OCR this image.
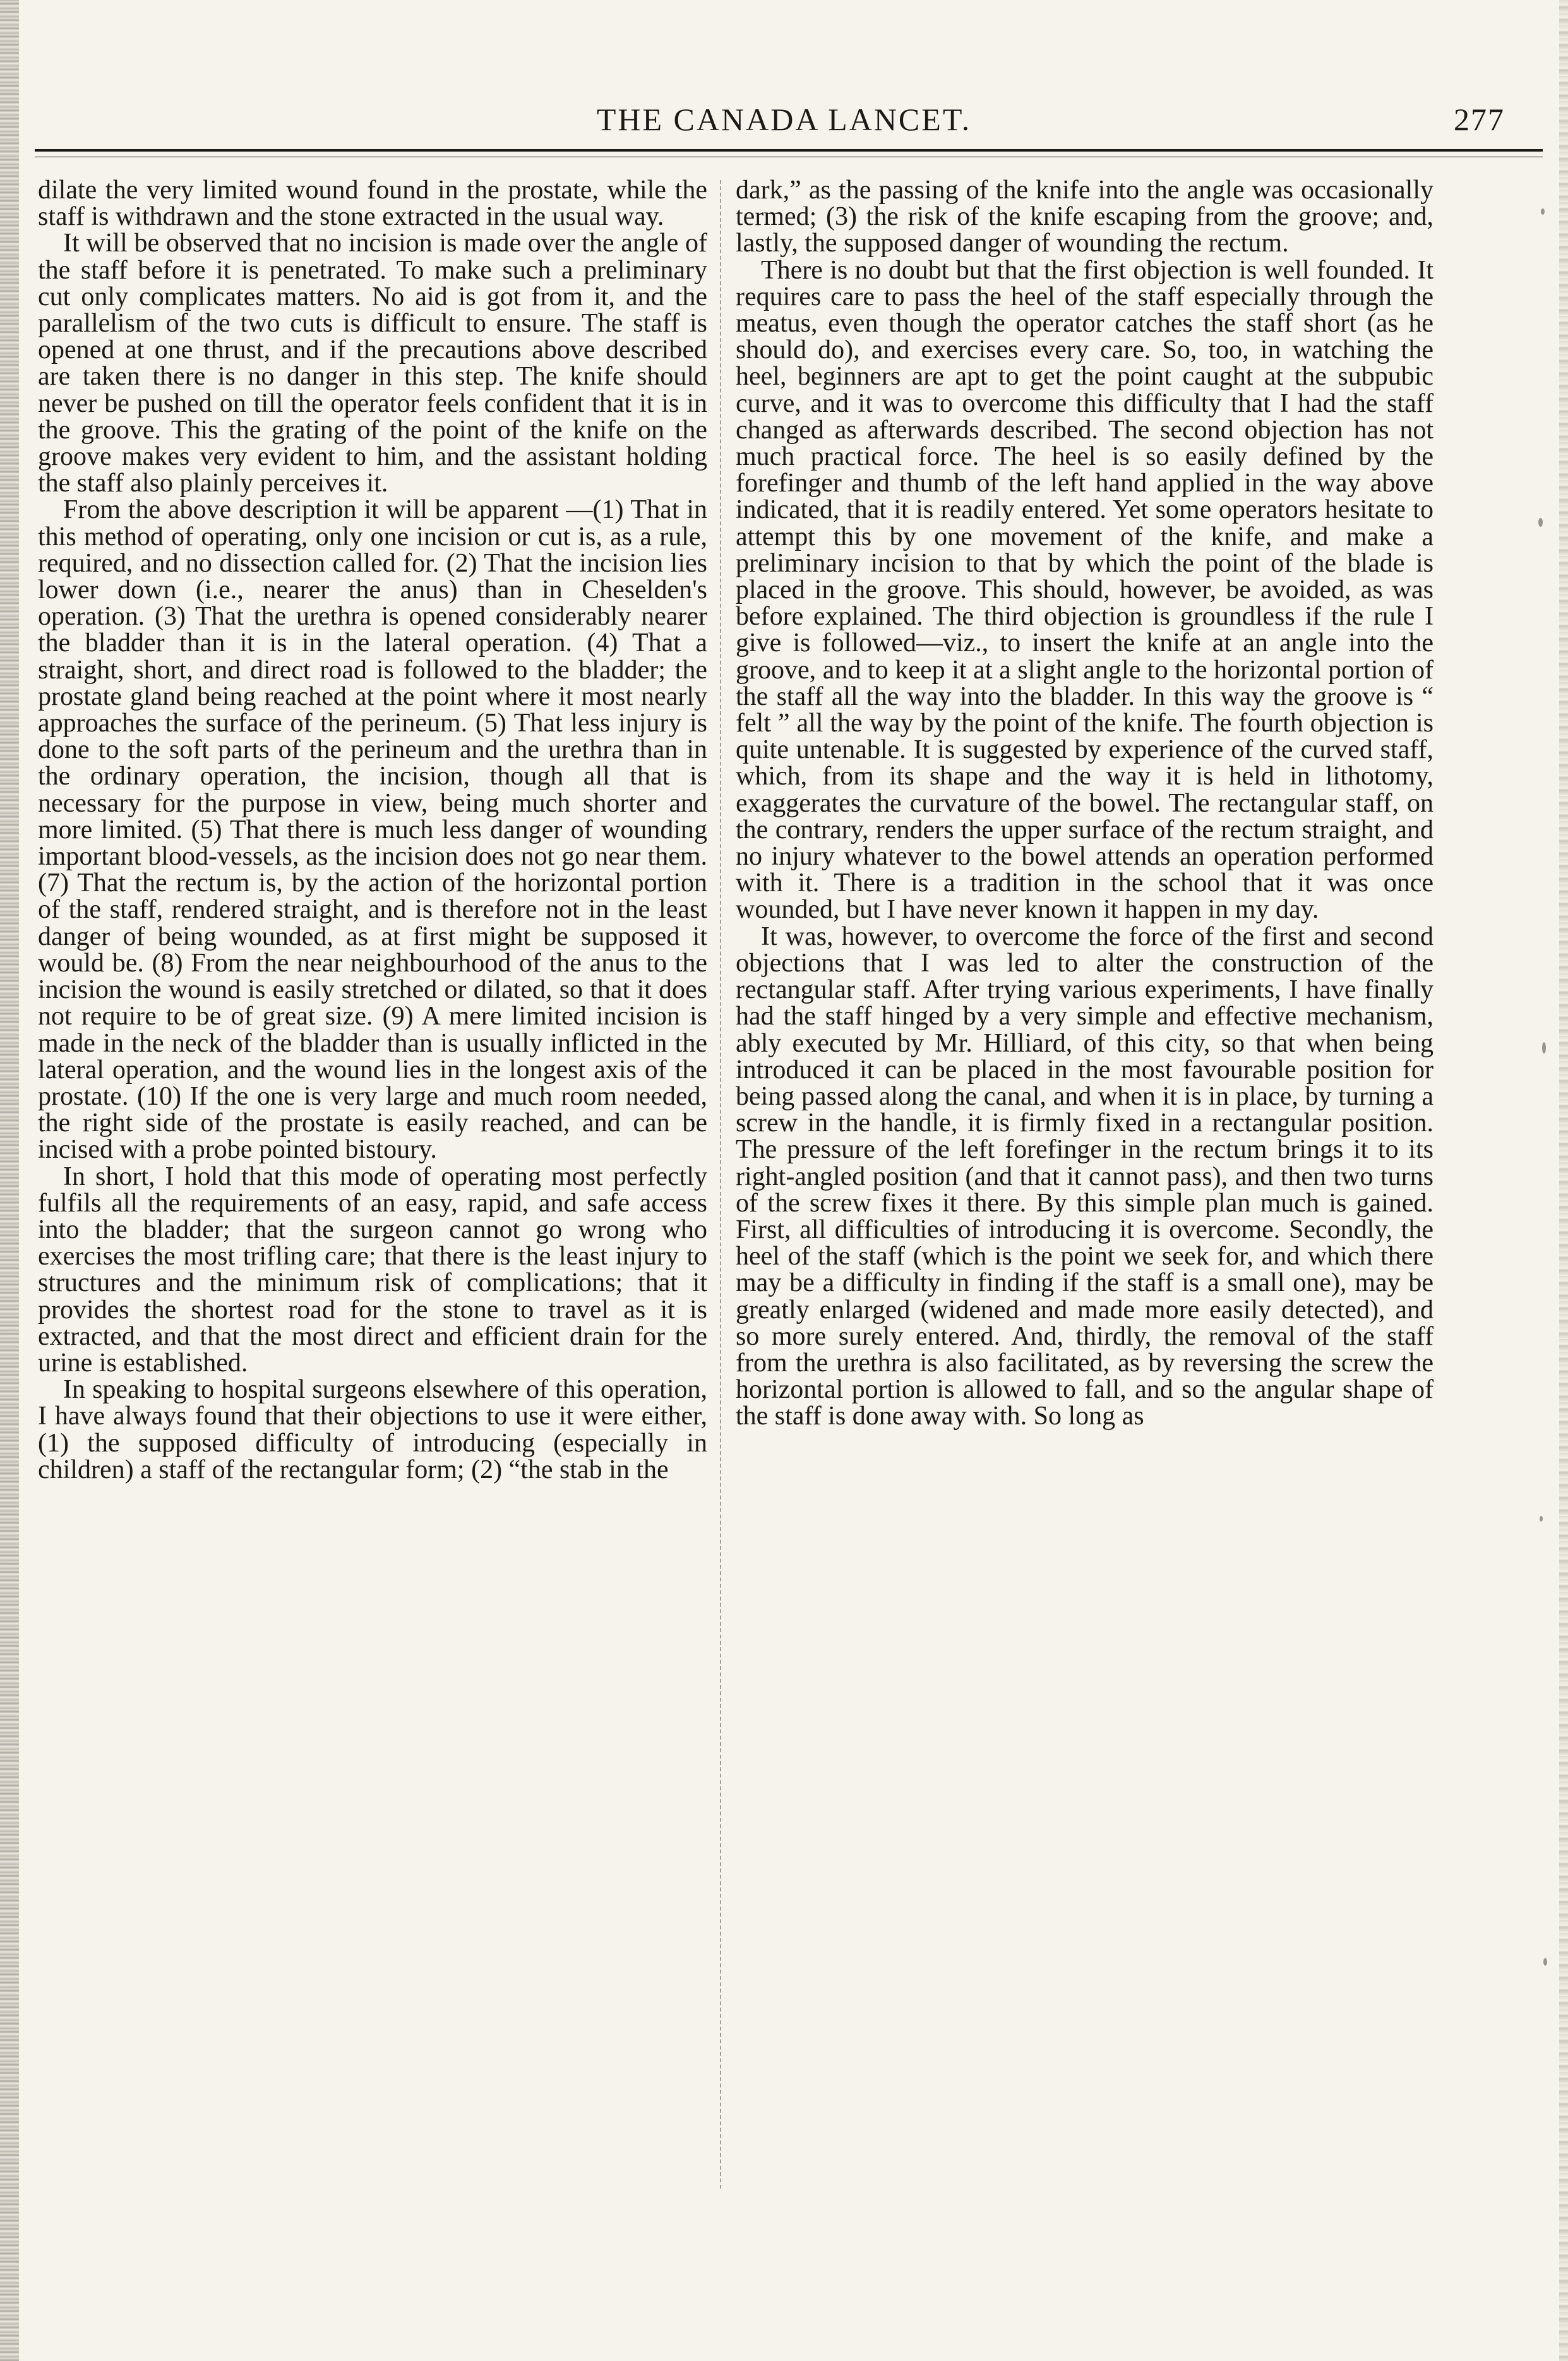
THE CANADA LANCET.	277

dilate the very limited wound found in the prostate, while the staff is withdrawn and the stone extracted in the usual way.

It will be observed that no incision is made over the angle of the staff before it is penetrated. To make such a preliminary cut only complicates matters. No aid is got from it, and the parallelism of the two cuts is difficult to ensure. The staff is opened at one thrust, and if the precautions above described are taken there is no danger in this step. The knife should never be pushed on till the operator feels confident that it is in the groove. This the grating of the point of the knife on the groove makes very evident to him, and the assistant holding the staff also plainly perceives it.

From the above description it will be apparent —(1) That in this method of operating, only one incision or cut is, as a rule, required, and no dissection called for. (2) That the incision lies lower down (i.e., nearer the anus) than in Cheselden's operation. (3) That the urethra is opened considerably nearer the bladder than it is in the lateral operation. (4) That a straight, short, and direct road is followed to the bladder; the prostate gland being reached at the point where it most nearly approaches the surface of the perineum. (5) That less injury is done to the soft parts of the perineum and the urethra than in the ordinary operation, the incision, though all that is necessary for the purpose in view, being much shorter and more limited. (5) That there is much less danger of wounding important blood-vessels, as the incision does not go near them. (7) That the rectum is, by the action of the horizontal portion of the staff, rendered straight, and is therefore not in the least danger of being wounded, as at first might be supposed it would be. (8) From the near neighbourhood of the anus to the incision the wound is easily stretched or dilated, so that it does not require to be of great size. (9) A mere limited incision is made in the neck of the bladder than is usually inflicted in the lateral operation, and the wound lies in the longest axis of the prostate. (10) If the one is very large and much room needed, the right side of the prostate is easily reached, and can be incised with a probe pointed bistoury.

In short, I hold that this mode of operating most perfectly fulfils all the requirements of an easy, rapid, and safe access into the bladder; that the surgeon cannot go wrong who exercises the most trifling care; that there is the least injury to structures and the minimum risk of complications; that it provides the shortest road for the stone to travel as it is extracted, and that the most direct and efficient drain for the urine is established.

In speaking to hospital surgeons elsewhere of this operation, I have always found that their objections to use it were either, (1) the supposed difficulty of introducing (especially in children) a staff of the rectangular form; (2) “the stab in the

dark,” as the passing of the knife into the angle was occasionally termed; (3) the risk of the knife escaping from the groove; and, lastly, the supposed danger of wounding the rectum.

There is no doubt but that the first objection is well founded. It requires care to pass the heel of the staff especially through the meatus, even though the operator catches the staff short (as he should do), and exercises every care. So, too, in watching the heel, beginners are apt to get the point caught at the subpubic curve, and it was to overcome this difficulty that I had the staff changed as afterwards described. The second objection has not much practical force. The heel is so easily defined by the forefinger and thumb of the left hand applied in the way above indicated, that it is readily entered. Yet some operators hesitate to attempt this by one movement of the knife, and make a preliminary incision to that by which the point of the blade is placed in the groove. This should, however, be avoided, as was before explained. The third objection is groundless if the rule I give is followed—viz., to insert the knife at an angle into the groove, and to keep it at a slight angle to the horizontal portion of the staff all the way into the bladder. In this way the groove is “ felt ” all the way by the point of the knife. The fourth objection is quite untenable. It is suggested by experience of the curved staff, which, from its shape and the way it is held in lithotomy, exaggerates the curvature of the bowel. The rectangular staff, on the contrary, renders the upper surface of the rectum straight, and no injury whatever to the bowel attends an operation performed with it. There is a tradition in the school that it was once wounded, but I have never known it happen in my day.

It was, however, to overcome the force of the first and second objections that I was led to alter the construction of the rectangular staff. After trying various experiments, I have finally had the staff hinged by a very simple and effective mechanism, ably executed by Mr. Hilliard, of this city, so that when being introduced it can be placed in the most favourable position for being passed along the canal, and when it is in place, by turning a screw in the handle, it is firmly fixed in a rectangular position. The pressure of the left forefinger in the rectum brings it to its right-angled position (and that it cannot pass), and then two turns of the screw fixes it there. By this simple plan much is gained. First, all difficulties of introducing it is overcome. Secondly, the heel of the staff (which is the point we seek for, and which there may be a difficulty in finding if the staff is a small one), may be greatly enlarged (widened and made more easily detected), and so more surely entered. And, thirdly, the removal of the staff from the urethra is also facilitated, as by reversing the screw the horizontal portion is allowed to fall, and so the angular shape of the staff is done away with. So long as
